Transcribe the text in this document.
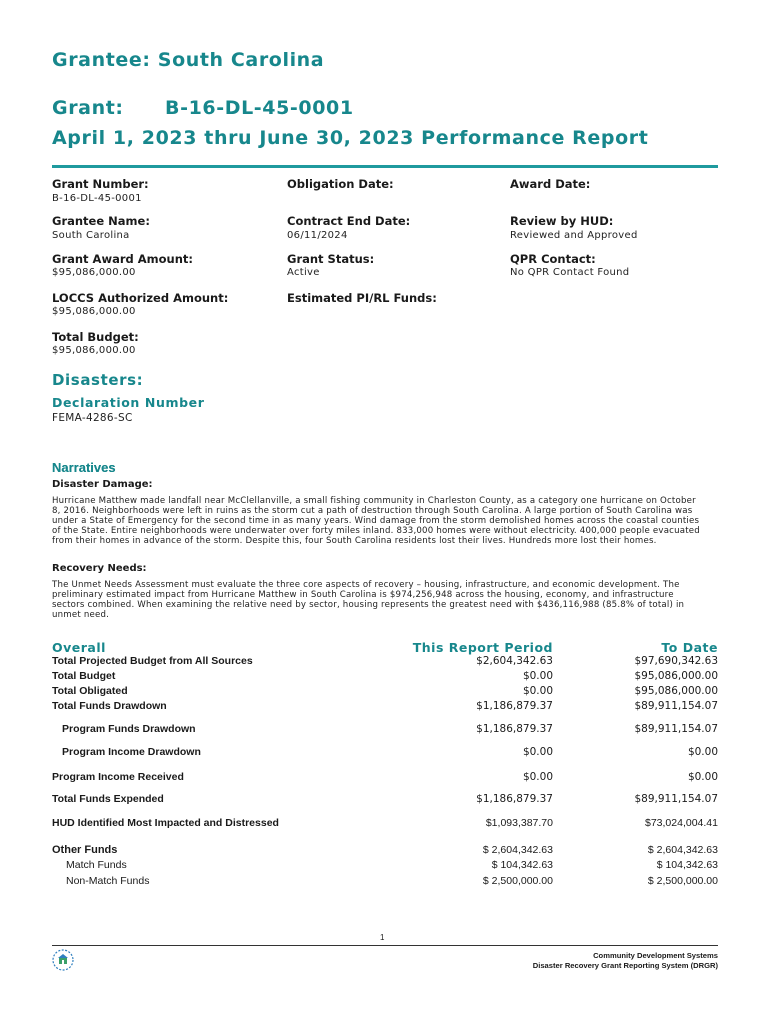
Grantee: South Carolina
Grant: B-16-DL-45-0001
April 1, 2023 thru June 30, 2023 Performance Report
Grant Number:
B-16-DL-45-0001
Obligation Date:	Award Date:
Grantee Name:
South Carolina
Contract End Date:
06/11/2024
Review by HUD:
Reviewed and Approved
Grant Award Amount:
$95,086,000.00
Grant Status:
Active
QPR Contact:
No QPR Contact Found
LOCCS Authorized Amount:
$95,086,000.00
Estimated PI/RL Funds:
Total Budget:
$95,086,000.00
Disasters:
Declaration Number
FEMA-4286-SC
Narratives
Disaster Damage:
Hurricane Matthew made landfall near McClellanville, a small fishing community in Charleston County, as a category one hurricane on October 8, 2016. Neighborhoods were left in ruins as the storm cut a path of destruction through South Carolina. A large portion of South Carolina was under a State of Emergency for the second time in as many years. Wind damage from the storm demolished homes across the coastal counties of the State. Entire neighborhoods were underwater over forty miles inland. 833,000 homes were without electricity. 400,000 people evacuated from their homes in advance of the storm. Despite this, four South Carolina residents lost their lives. Hundreds more lost their homes.
Recovery Needs:
The Unmet Needs Assessment must evaluate the three core aspects of recovery – housing, infrastructure, and economic development. The preliminary estimated impact from Hurricane Matthew in South Carolina is $974,256,948 across the housing, economy, and infrastructure sectors combined. When examining the relative need by sector, housing represents the greatest need with $436,116,988 (85.8% of total) in unmet need.
Overall	This Report Period	To Date
Total Projected Budget from All Sources	$2,604,342.63	$97,690,342.63
Total Budget	$0.00	$95,086,000.00
Total Obligated	$0.00	$95,086,000.00
Total Funds Drawdown	$1,186,879.37	$89,911,154.07
Program Funds Drawdown	$1,186,879.37	$89,911,154.07
Program Income Drawdown	$0.00	$0.00
Program Income Received	$0.00	$0.00
Total Funds Expended	$1,186,879.37	$89,911,154.07
HUD Identified Most Impacted and Distressed	$1,093,387.70	$73,024,004.41
Other Funds	$ 2,604,342.63	$ 2,604,342.63
Match Funds	$ 104,342.63	$ 104,342.63
Non-Match Funds	$ 2,500,000.00	$ 2,500,000.00
1
Community Development Systems
Disaster Recovery Grant Reporting System (DRGR)
